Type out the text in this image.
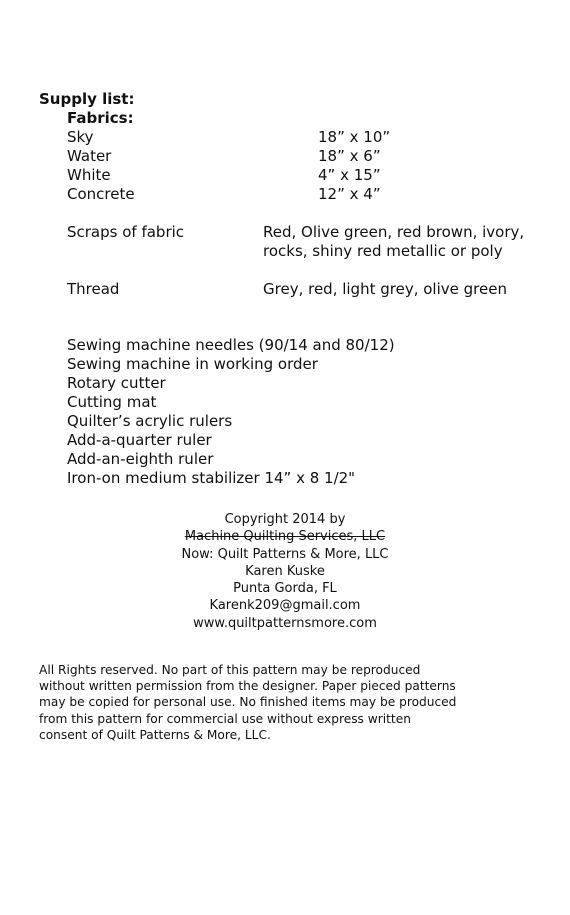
Supply list:
Fabrics:
Sky	18” x 10”
Water	18” x 6”
White	4” x 15”
Concrete	12” x 4”
Scraps of fabric	Red, Olive green, red brown, ivory,
rocks, shiny red metallic or poly
Thread	Grey, red, light grey, olive green
Sewing machine needles (90/14 and 80/12)
Sewing machine in working order
Rotary cutter
Cutting mat
Quilter’s acrylic rulers
Add-a-quarter ruler
Add-an-eighth ruler
Iron-on medium stabilizer 14” x 8 1/2"
Copyright 2014 by
Machine Quilting Services, LLC
Now: Quilt Patterns & More, LLC
Karen Kuske
Punta Gorda, FL
Karenk209@gmail.com
www.quiltpatternsmore.com
All Rights reserved. No part of this pattern may be reproduced
without written permission from the designer. Paper pieced patterns
may be copied for personal use. No finished items may be produced
from this pattern for commercial use without express written
consent of Quilt Patterns & More, LLC.
